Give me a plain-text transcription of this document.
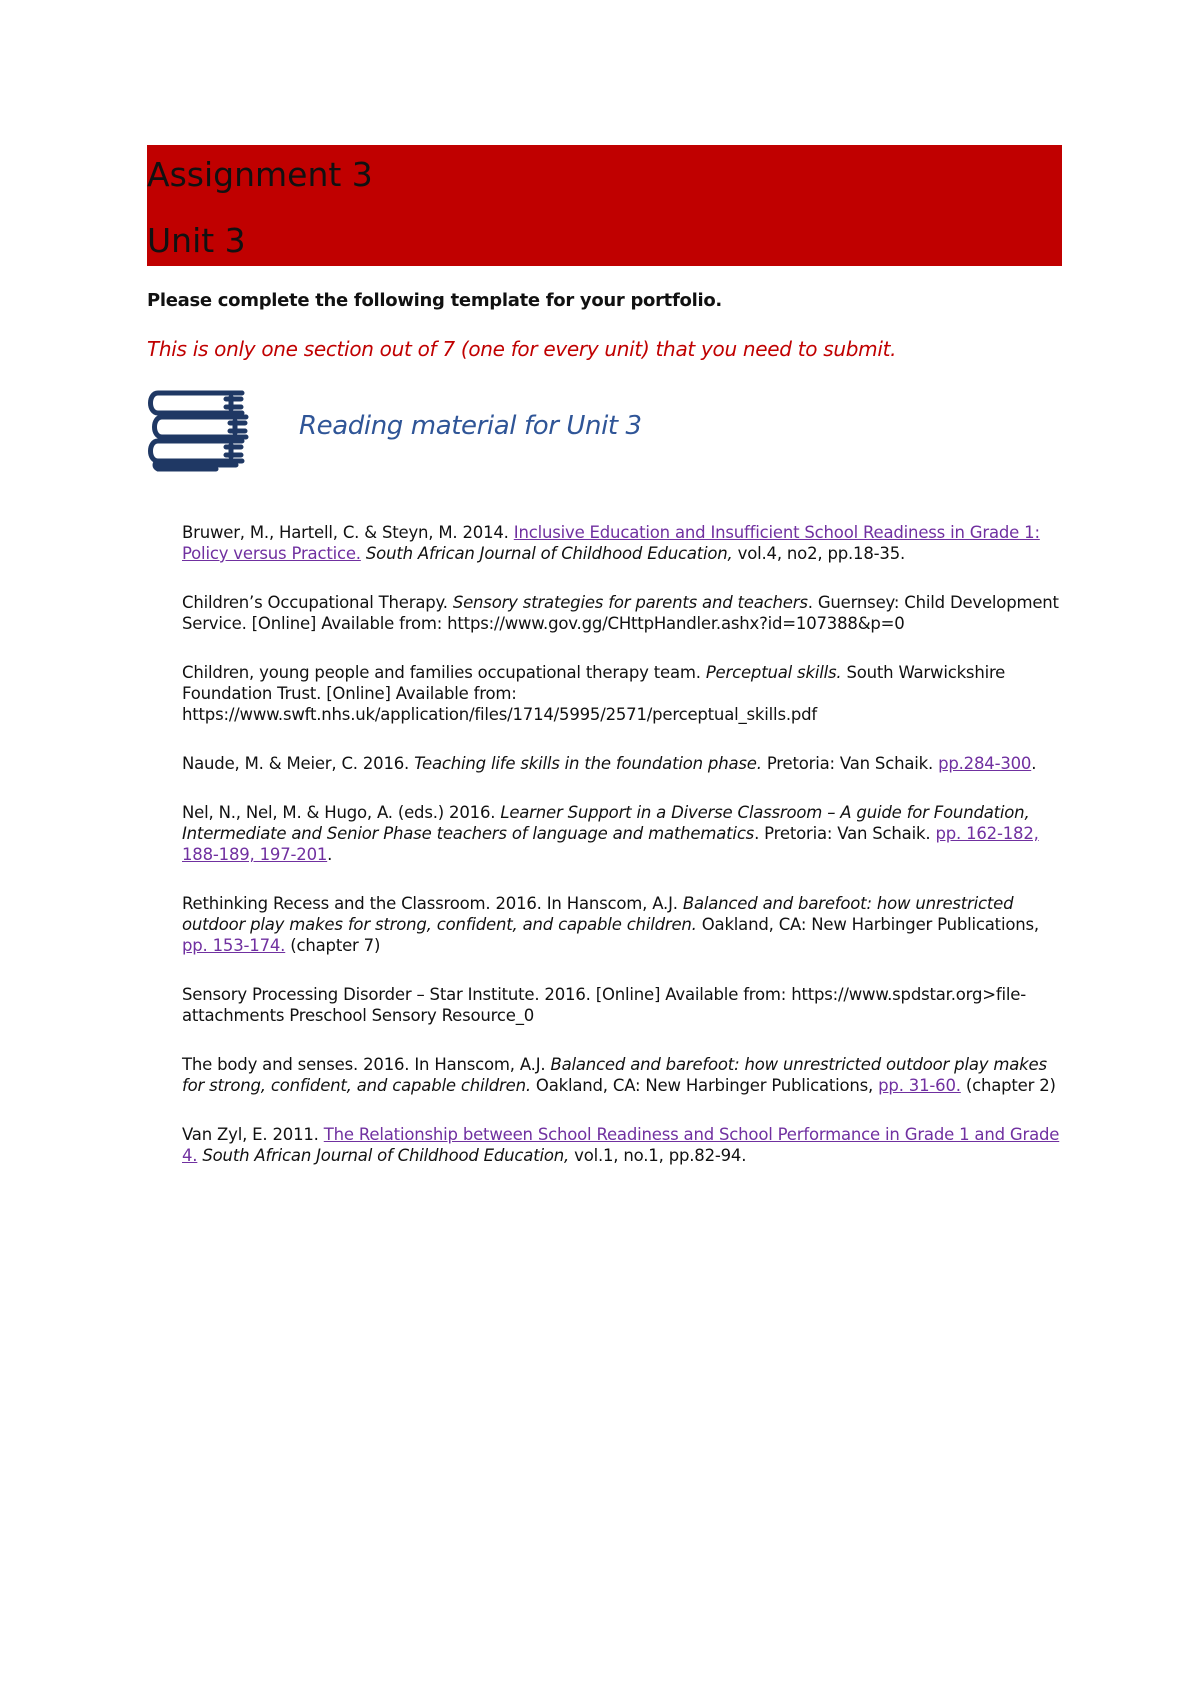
Assignment 3
Unit 3
Please complete the following template for your portfolio.
This is only one section out of 7 (one for every unit) that you need to submit.
Reading material for Unit 3

Bruwer, M., Hartell, C. & Steyn, M. 2014. Inclusive Education and Insufficient School Readiness in Grade 1: Policy versus Practice. South African Journal of Childhood Education, vol.4, no2, pp.18-35.

Children’s Occupational Therapy. Sensory strategies for parents and teachers. Guernsey: Child Development Service. [Online] Available from: https://www.gov.gg/CHttpHandler.ashx?id=107388&p=0

Children, young people and families occupational therapy team. Perceptual skills. South Warwickshire Foundation Trust. [Online] Available from: https://www.swft.nhs.uk/application/files/1714/5995/2571/perceptual_skills.pdf

Naude, M. & Meier, C. 2016. Teaching life skills in the foundation phase. Pretoria: Van Schaik. pp.284-300.

Nel, N., Nel, M. & Hugo, A. (eds.) 2016. Learner Support in a Diverse Classroom – A guide for Foundation, Intermediate and Senior Phase teachers of language and mathematics. Pretoria: Van Schaik. pp. 162-182, 188-189, 197-201.

Rethinking Recess and the Classroom. 2016. In Hanscom, A.J. Balanced and barefoot: how unrestricted outdoor play makes for strong, confident, and capable children. Oakland, CA: New Harbinger Publications, pp. 153-174. (chapter 7)

Sensory Processing Disorder – Star Institute. 2016. [Online] Available from: https://www.spdstar.org>file-attachments Preschool Sensory Resource_0

The body and senses. 2016. In Hanscom, A.J. Balanced and barefoot: how unrestricted outdoor play makes for strong, confident, and capable children. Oakland, CA: New Harbinger Publications, pp. 31-60. (chapter 2)

Van Zyl, E. 2011. The Relationship between School Readiness and School Performance in Grade 1 and Grade 4. South African Journal of Childhood Education, vol.1, no.1, pp.82-94.
